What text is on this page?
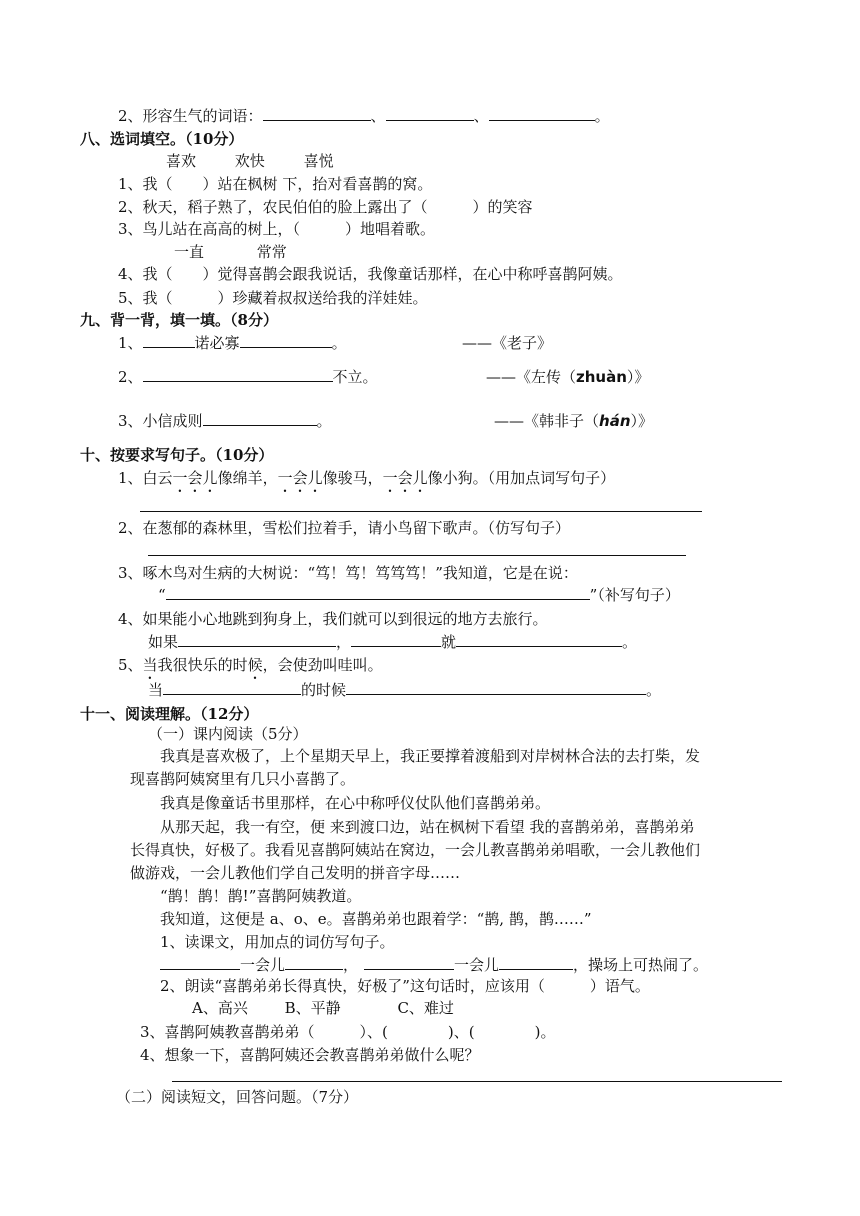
2、形容生气的词语：	、	、	。
八、选词填空。（10分）
喜欢	欢快	喜悦
1、我（　　）站在枫树 下，抬对看喜鹊的窝。
2、秋天，稻子熟了，农民伯伯的脸上露出了（　　　）的笑容
3、鸟儿站在高高的树上，（　　　）地唱着歌。
一直	常常
4、我（　　）觉得喜鹊会跟我说话，我像童话那样，在心中称呼喜鹊阿姨。
5、我（　　　）珍藏着叔叔送给我的洋娃娃。
九、背一背，填一填。（8分）
1、	诺必寡	。	——《老子》
2、	不立。	——《左传（zhuàn）》
3、小信成则	。	——《韩非子（hán）》
十、按要求写句子。（10分）
1、白云一会儿像绵羊，一会儿像骏马，一会儿像小狗。（用加点词写句子）
2、在葱郁的森林里，雪松们拉着手，请小鸟留下歌声。（仿写句子）
3、啄木鸟对生病的大树说：“笃！笃！笃笃笃！”我知道，它是在说：
“	”（补写句子）
4、如果能小心地跳到狗身上，我们就可以到很远的地方去旅行。
如果	，	就	。
5、当我很快乐的时候，会使劲叫哇叫。
当	的时候	。
十一、阅读理解。（12分）
（一）课内阅读（5分）
我真是喜欢极了，上个星期天早上，我正要撑着渡船到对岸树林合法的去打柴，发
现喜鹊阿姨窝里有几只小喜鹊了。
我真是像童话书里那样，在心中称呼仪仗队他们喜鹊弟弟。
从那天起，我一有空，便 来到渡口边，站在枫树下看望 我的喜鹊弟弟，喜鹊弟弟
长得真快，好极了。我看见喜鹊阿姨站在窝边，一会儿教喜鹊弟弟唱歌，一会儿教他们
做游戏，一会儿教他们学自己发明的拼音字母……
“鹊！鹊！鹊!”喜鹊阿姨教道。
我知道，这便是 a、o、e。喜鹊弟弟也跟着学：“鹊, 鹊，鹊……”
1、读课文，用加点的词仿写句子。
一会儿	，	一会儿	，操场上可热闹了。
2、朗读“喜鹊弟弟长得真快，好极了”这句话时，应该用（　　　）语气。
A、高兴 B、平静	C、难过
3、喜鹊阿姨教喜鹊弟弟（　　　）、(　　　　)、(　　　　)。
4、想象一下，喜鹊阿姨还会教喜鹊弟弟做什么呢？
（二）阅读短文，回答问题。（7分）
